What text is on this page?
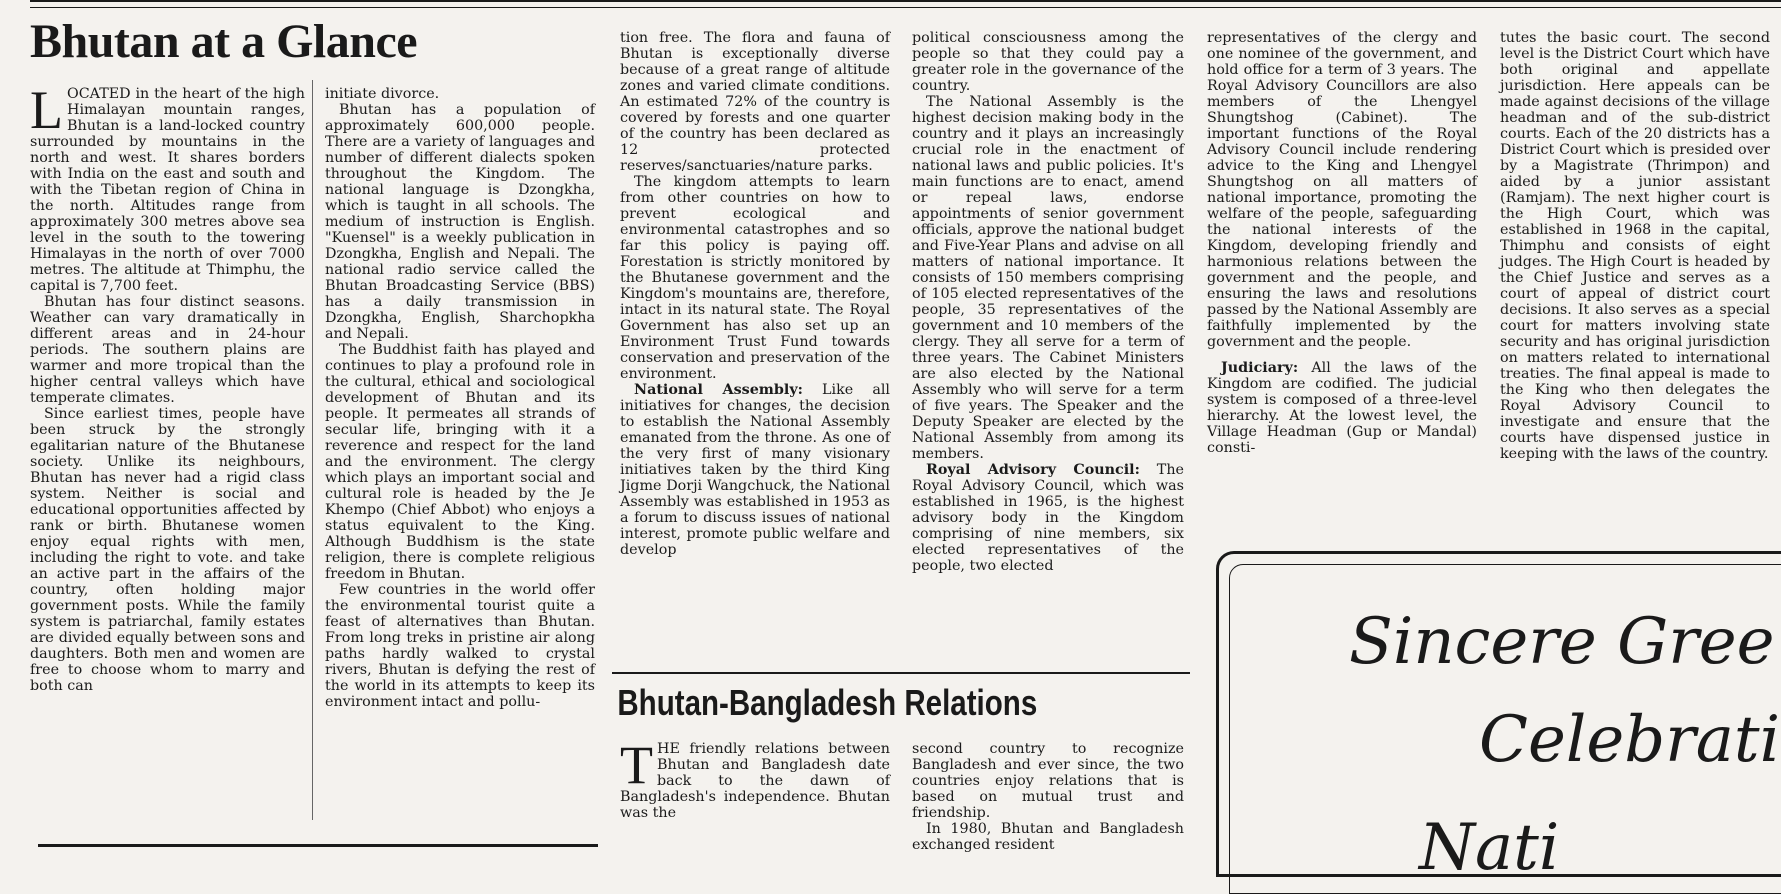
Bhutan at a Glance

LOCATED in the heart of the high Himalayan mountain ranges, Bhutan is a land-locked country surrounded by mountains in the north and west. It shares borders with India on the east and south and with the Tibetan region of China in the north. Altitudes range from approximately 300 metres above sea level in the south to the towering Himalayas in the north of over 7000 metres. The altitude at Thimphu, the capital is 7,700 feet.

Bhutan has four distinct seasons. Weather can vary dramatically in different areas and in 24-hour periods. The southern plains are warmer and more tropical than the higher central valleys which have temperate climates.

Since earliest times, people have been struck by the strongly egalitarian nature of the Bhutanese society. Unlike its neighbours, Bhutan has never had a rigid class system. Neither is social and educational opportunities affected by rank or birth. Bhutanese women enjoy equal rights with men, including the right to vote. and take an active part in the affairs of the country, often holding major government posts. While the family system is patriarchal, family estates are divided equally between sons and daughters. Both men and women are free to choose whom to marry and both can

initiate divorce.

Bhutan has a population of approximately 600,000 people. There are a variety of languages and number of different dialects spoken throughout the Kingdom. The national language is Dzongkha, which is taught in all schools. The medium of instruction is English. "Kuensel" is a weekly publication in Dzongkha, English and Nepali. The national radio service called the Bhutan Broadcasting Service (BBS) has a daily transmission in Dzongkha, English, Sharchopkha and Nepali.

The Buddhist faith has played and continues to play a profound role in the cultural, ethical and sociological development of Bhutan and its people. It permeates all strands of secular life, bringing with it a reverence and respect for the land and the environment. The clergy which plays an important social and cultural role is headed by the Je Khempo (Chief Abbot) who enjoys a status equivalent to the King. Although Buddhism is the state religion, there is complete religious freedom in Bhutan.

Few countries in the world offer the environmental tourist quite a feast of alternatives than Bhutan. From long treks in pristine air along paths hardly walked to crystal rivers, Bhutan is defying the rest of the world in its attempts to keep its environment intact and pollu-

tion free. The flora and fauna of Bhutan is exceptionally diverse because of a great range of altitude zones and varied climate conditions. An estimated 72% of the country is covered by forests and one quarter of the country has been declared as 12 protected reserves/sanctuaries/nature parks.

The kingdom attempts to learn from other countries on how to prevent ecological and environmental catastrophes and so far this policy is paying off. Forestation is strictly monitored by the Bhutanese government and the Kingdom's mountains are, therefore, intact in its natural state. The Royal Government has also set up an Environment Trust Fund towards conservation and preservation of the environment.

National Assembly: Like all initiatives for changes, the decision to establish the National Assembly emanated from the throne. As one of the very first of many visionary initiatives taken by the third King Jigme Dorji Wangchuck, the National Assembly was established in 1953 as a forum to discuss issues of national interest, promote public welfare and develop

political consciousness among the people so that they could pay a greater role in the governance of the country.

The National Assembly is the highest decision making body in the country and it plays an increasingly crucial role in the enactment of national laws and public policies. It's main functions are to enact, amend or repeal laws, endorse appointments of senior government officials, approve the national budget and Five-Year Plans and advise on all matters of national importance. It consists of 150 members comprising of 105 elected representatives of the people, 35 representatives of the government and 10 members of the clergy. They all serve for a term of three years. The Cabinet Ministers are also elected by the National Assembly who will serve for a term of five years. The Speaker and the Deputy Speaker are elected by the National Assembly from among its members.

Royal Advisory Council: The Royal Advisory Council, which was established in 1965, is the highest advisory body in the Kingdom comprising of nine members, six elected representatives of the people, two elected

representatives of the clergy and one nominee of the government, and hold office for a term of 3 years. The Royal Advisory Councillors are also members of the Lhengyel Shungtshog (Cabinet). The important functions of the Royal Advisory Council include rendering advice to the King and Lhengyel Shungtshog on all matters of national importance, promoting the welfare of the people, safeguarding the national interests of the Kingdom, developing friendly and harmonious relations between the government and the people, and ensuring the laws and resolutions passed by the National Assembly are faithfully implemented by the government and the people.

Judiciary: All the laws of the Kingdom are codified. The judicial system is composed of a three-level hierarchy. At the lowest level, the Village Headman (Gup or Mandal) consti-

tutes the basic court. The second level is the District Court which have both original and appellate jurisdiction. Here appeals can be made against decisions of the village headman and of the sub-district courts. Each of the 20 districts has a District Court which is presided over by a Magistrate (Thrimpon) and aided by a junior assistant (Ramjam). The next higher court is the High Court, which was established in 1968 in the capital, Thimphu and consists of eight judges. The High Court is headed by the Chief Justice and serves as a court of appeal of district court decisions. It also serves as a special court for matters involving state security and has original jurisdiction on matters related to international treaties. The final appeal is made to the King who then delegates the Royal Advisory Council to investigate and ensure that the courts have dispensed justice in keeping with the laws of the country.

Bhutan-Bangladesh Relations

THE friendly relations between Bhutan and Bangladesh date back to the dawn of Bangladesh's independence. Bhutan was the

second country to recognize Bangladesh and ever since, the two countries enjoy relations that is based on mutual trust and friendship.

In 1980, Bhutan and Bangladesh exchanged resident

Sincere Gree
Celebrati
Nati
